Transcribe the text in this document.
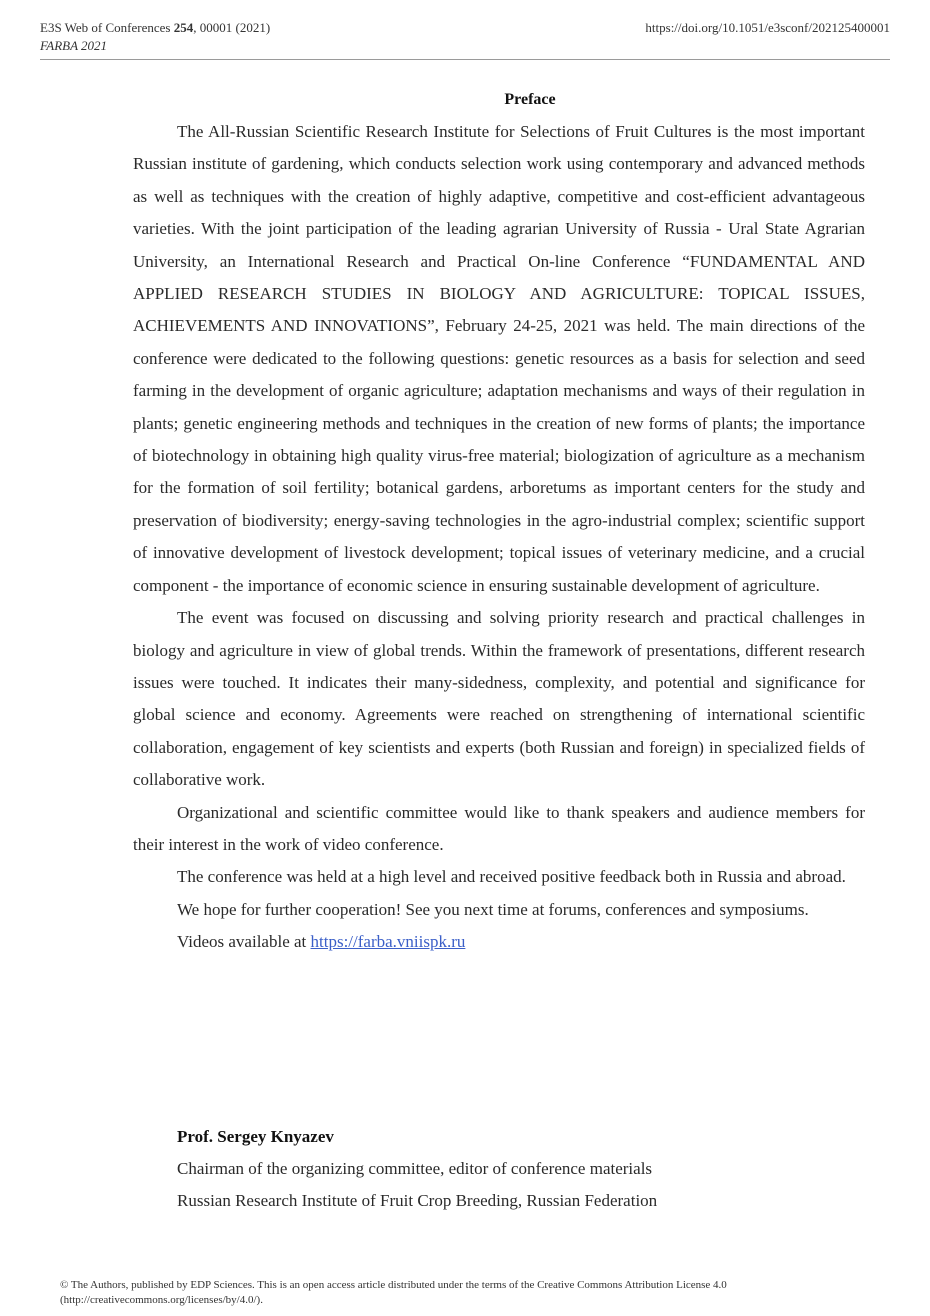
E3S Web of Conferences 254, 00001 (2021)
FARBA 2021
https://doi.org/10.1051/e3sconf/202125400001
Preface

The All-Russian Scientific Research Institute for Selections of Fruit Cultures is the most important Russian institute of gardening, which conducts selection work using contemporary and advanced methods as well as techniques with the creation of highly adaptive, competitive and cost-efficient advantageous varieties. With the joint participation of the leading agrarian University of Russia - Ural State Agrarian University, an International Research and Practical On-line Conference “FUNDAMENTAL AND APPLIED RESEARCH STUDIES IN BIOLOGY AND AGRICULTURE: TOPICAL ISSUES, ACHIEVEMENTS AND INNOVATIONS”, February 24-25, 2021 was held. The main directions of the conference were dedicated to the following questions: genetic resources as a basis for selection and seed farming in the development of organic agriculture; adaptation mechanisms and ways of their regulation in plants; genetic engineering methods and techniques in the creation of new forms of plants; the importance of biotechnology in obtaining high quality virus-free material; biologization of agriculture as a mechanism for the formation of soil fertility; botanical gardens, arboretums as important centers for the study and preservation of biodiversity; energy-saving technologies in the agro-industrial complex; scientific support of innovative development of livestock development; topical issues of veterinary medicine, and a crucial component - the importance of economic science in ensuring sustainable development of agriculture.

The event was focused on discussing and solving priority research and practical challenges in biology and agriculture in view of global trends. Within the framework of presentations, different research issues were touched. It indicates their many-sidedness, complexity, and potential and significance for global science and economy. Agreements were reached on strengthening of international scientific collaboration, engagement of key scientists and experts (both Russian and foreign) in specialized fields of collaborative work.

Organizational and scientific committee would like to thank speakers and audience members for their interest in the work of video conference.

The conference was held at a high level and received positive feedback both in Russia and abroad.

We hope for further cooperation! See you next time at forums, conferences and symposiums.

Videos available at https://farba.vniispk.ru

Prof. Sergey Knyazev
Chairman of the organizing committee, editor of conference materials
Russian Research Institute of Fruit Crop Breeding, Russian Federation
© The Authors, published by EDP Sciences. This is an open access article distributed under the terms of the Creative Commons Attribution License 4.0
(http://creativecommons.org/licenses/by/4.0/).
